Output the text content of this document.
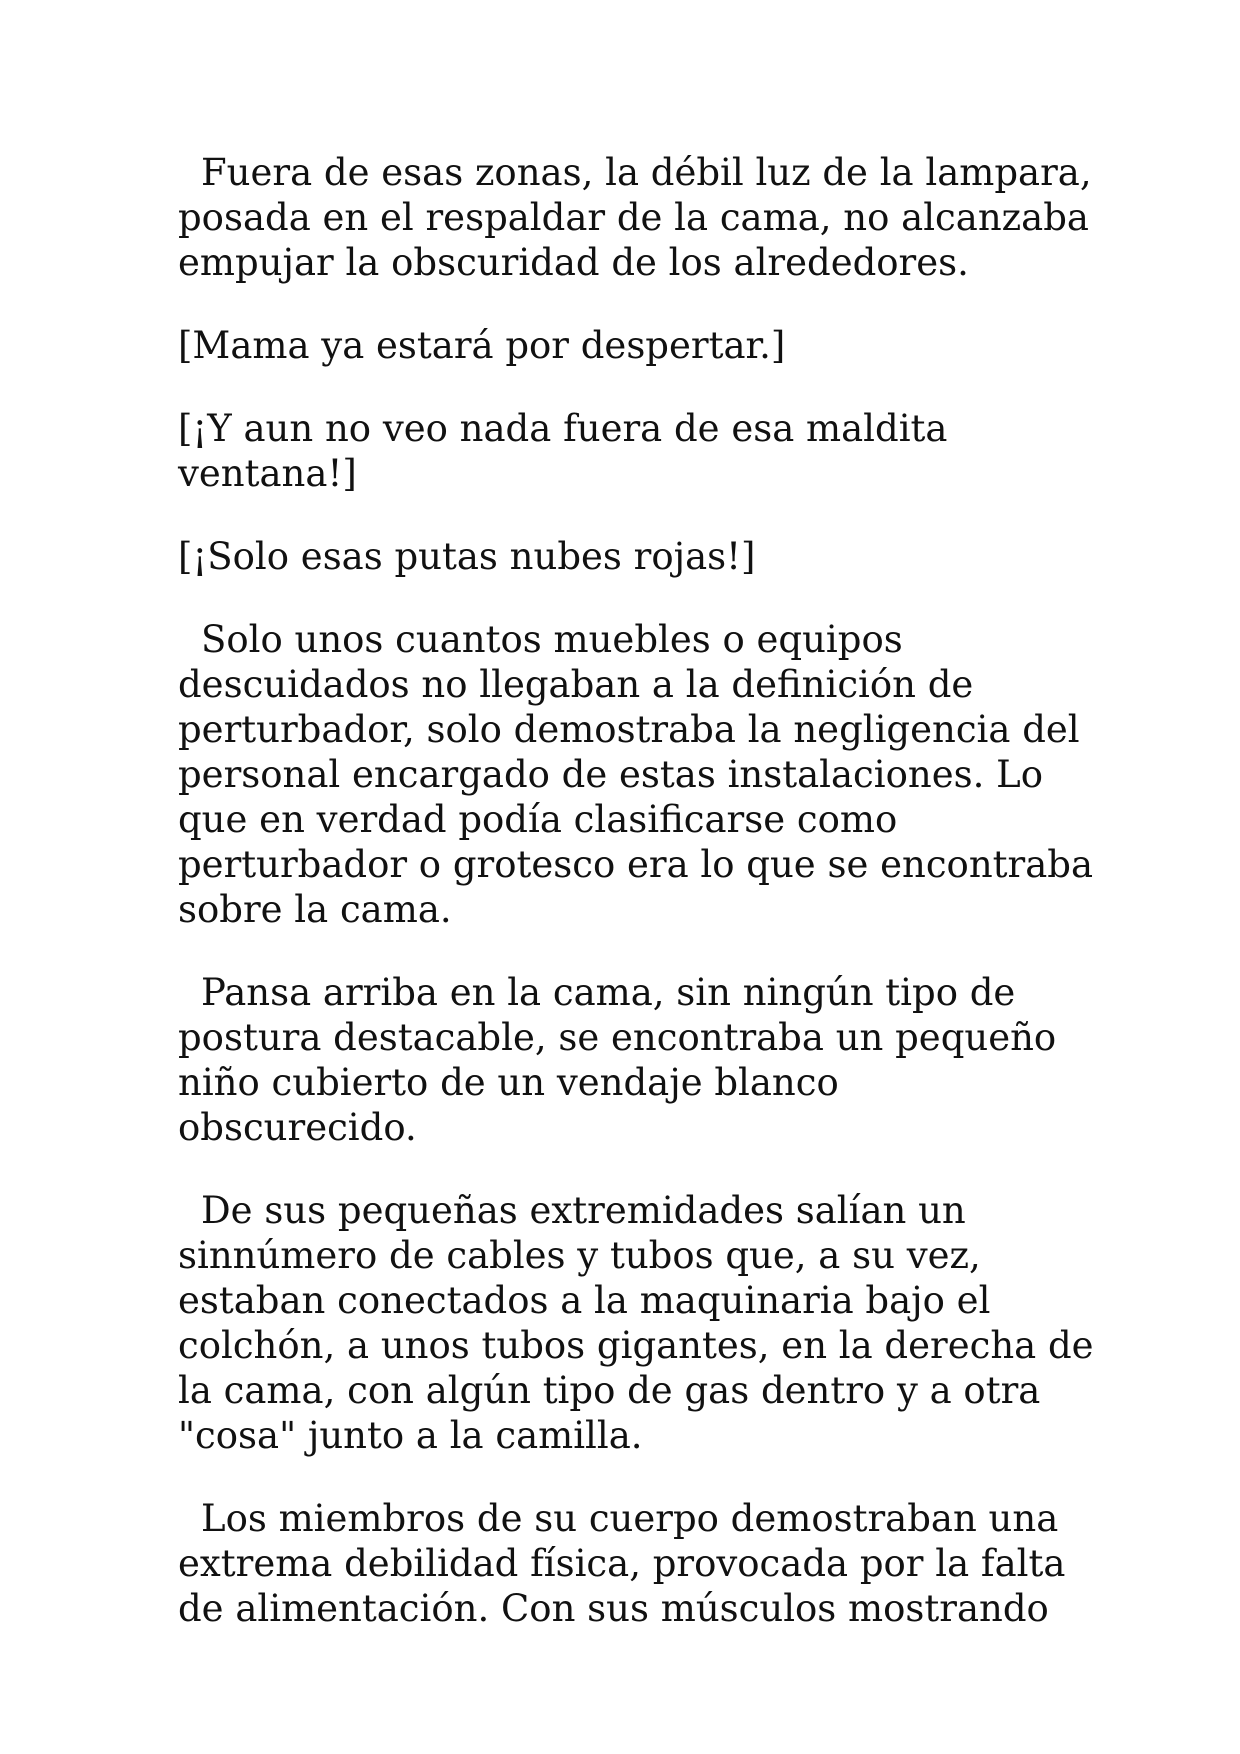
Fuera de esas zonas, la débil luz de la lampara,
posada en el respaldar de la cama, no alcanzaba
empujar la obscuridad de los alrededores.

[Mama ya estará por despertar.]

[¡Y aun no veo nada fuera de esa maldita
ventana!]

[¡Solo esas putas nubes rojas!]

Solo unos cuantos muebles o equipos
descuidados no llegaban a la definición de
perturbador, solo demostraba la negligencia del
personal encargado de estas instalaciones. Lo
que en verdad podía clasificarse como
perturbador o grotesco era lo que se encontraba
sobre la cama.

Pansa arriba en la cama, sin ningún tipo de
postura destacable, se encontraba un pequeño
niño cubierto de un vendaje blanco
obscurecido.

De sus pequeñas extremidades salían un
sinnúmero de cables y tubos que, a su vez,
estaban conectados a la maquinaria bajo el
colchón, a unos tubos gigantes, en la derecha de
la cama, con algún tipo de gas dentro y a otra
"cosa" junto a la camilla.

Los miembros de su cuerpo demostraban una
extrema debilidad física, provocada por la falta
de alimentación. Con sus músculos mostrando
